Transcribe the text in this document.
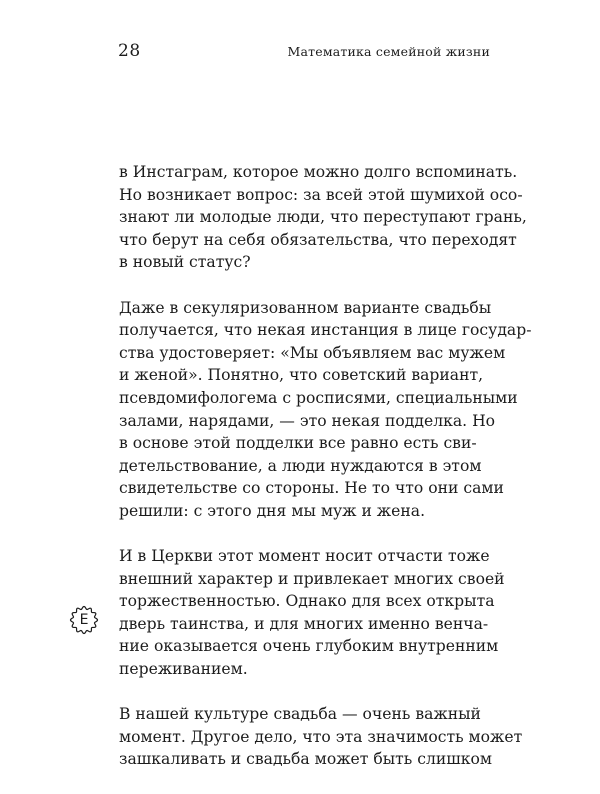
28	Математика семейной жизни

в Инстаграм, которое можно долго вспоминать.
Но возникает вопрос: за всей этой шумихой осо-
знают ли молодые люди, что переступают грань,
что берут на себя обязательства, что переходят
в новый статус?

Даже в секуляризованном варианте свадьбы
получается, что некая инстанция в лице государ-
ства удостоверяет: «Мы объявляем вас мужем
и женой». Понятно, что советский вариант,
псевдомифологема с росписями, специальными
залами, нарядами, — это некая подделка. Но
в основе этой подделки все равно есть сви-
детельствование, а люди нуждаются в этом
свидетельстве со стороны. Не то что они сами
решили: с этого дня мы муж и жена.

И в Церкви этот момент носит отчасти тоже
внешний характер и привлекает многих своей
торжественностью. Однако для всех открыта
дверь таинства, и для многих именно венча-
ние оказывается очень глубоким внутренним
переживанием.

В нашей культуре свадьба — очень важный
момент. Другое дело, что эта значимость может
зашкаливать и свадьба может быть слишком

E
